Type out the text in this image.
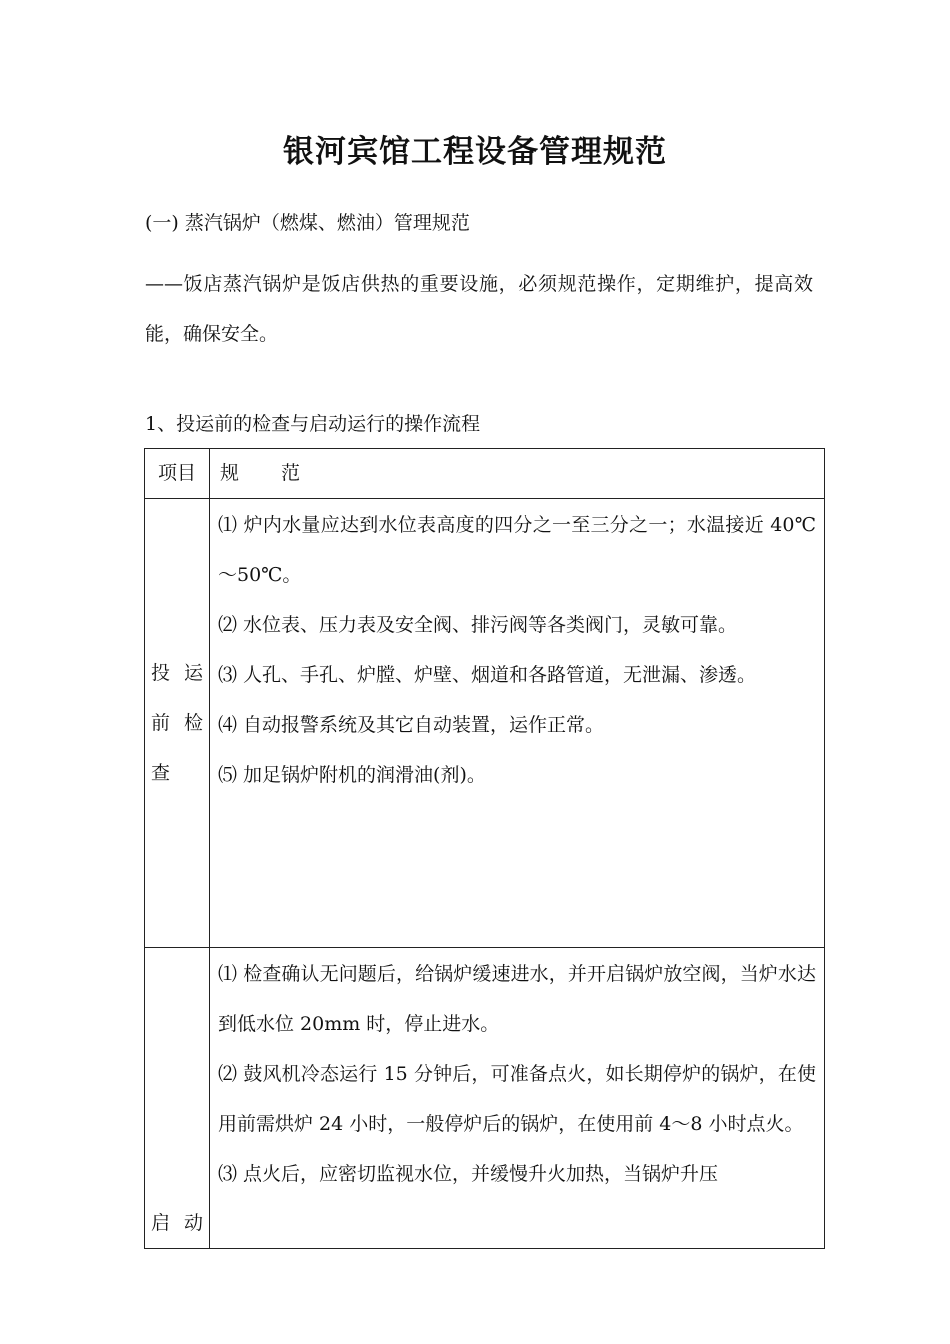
银河宾馆工程设备管理规范
(一) 蒸汽锅炉（燃煤、燃油）管理规范
——饭店蒸汽锅炉是饭店供热的重要设施，必须规范操作，定期维护，提高效能，确保安全。
1、投运前的检查与启动运行的操作流程
项目	规 范
投运前检查	⑴ 炉内水量应达到水位表高度的四分之一至三分之一；水温接近 40℃～50℃。
⑵ 水位表、压力表及安全阀、排污阀等各类阀门，灵敏可靠。
⑶ 人孔、手孔、炉膛、炉壁、烟道和各路管道，无泄漏、渗透。
⑷ 自动报警系统及其它自动装置，运作正常。
⑸ 加足锅炉附机的润滑油(剂)。

启动	⑴ 检查确认无问题后，给锅炉缓速进水，并开启锅炉放空阀，当炉水达到低水位 20mm 时，停止进水。
⑵ 鼓风机冷态运行 15 分钟后，可准备点火，如长期停炉的锅炉，在使用前需烘炉 24 小时，一般停炉后的锅炉，在使用前 4～8 小时点火。
⑶ 点火后，应密切监视水位，并缓慢升火加热，当锅炉升压
